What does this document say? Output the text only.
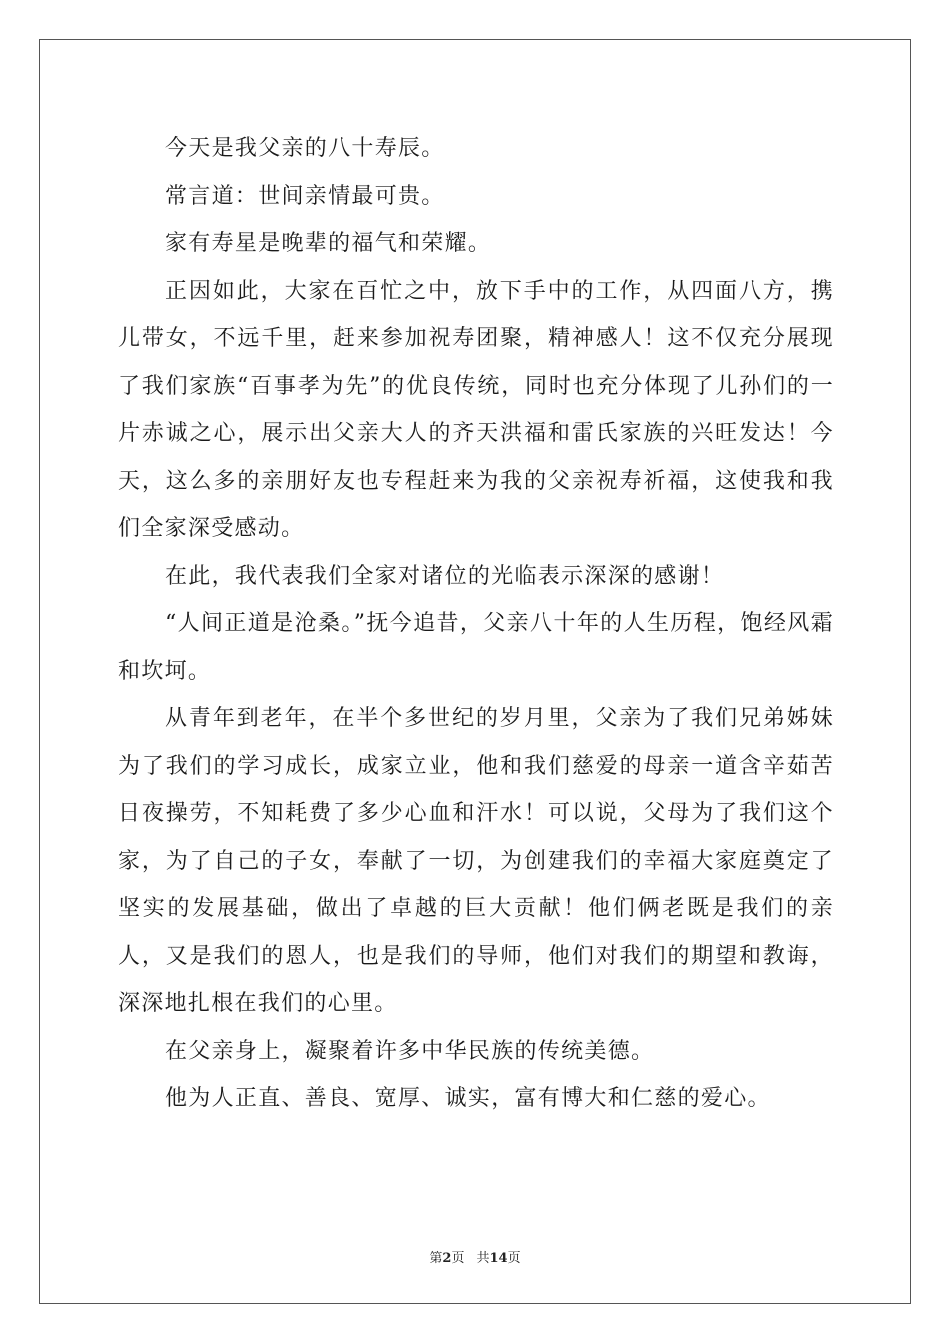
今天是我父亲的八十寿辰。

常言道：世间亲情最可贵。

家有寿星是晚辈的福气和荣耀。

正因如此，大家在百忙之中，放下手中的工作，从四面八方，携儿带女，不远千里，赶来参加祝寿团聚，精神感人！这不仅充分展现了我们家族“百事孝为先”的优良传统，同时也充分体现了儿孙们的一片赤诚之心，展示出父亲大人的齐天洪福和雷氏家族的兴旺发达！今天，这么多的亲朋好友也专程赶来为我的父亲祝寿祈福，这使我和我们全家深受感动。

在此，我代表我们全家对诸位的光临表示深深的感谢！

“人间正道是沧桑。”抚今追昔，父亲八十年的人生历程，饱经风霜和坎坷。

从青年到老年，在半个多世纪的岁月里，父亲为了我们兄弟姊妹为了我们的学习成长，成家立业，他和我们慈爱的母亲一道含辛茹苦日夜操劳，不知耗费了多少心血和汗水！可以说，父母为了我们这个家，为了自己的子女，奉献了一切，为创建我们的幸福大家庭奠定了坚实的发展基础，做出了卓越的巨大贡献！他们俩老既是我们的亲人，又是我们的恩人，也是我们的导师，他们对我们的期望和教诲，深深地扎根在我们的心里。

在父亲身上，凝聚着许多中华民族的传统美德。

他为人正直、善良、宽厚、诚实，富有博大和仁慈的爱心。

第2页 共14页
